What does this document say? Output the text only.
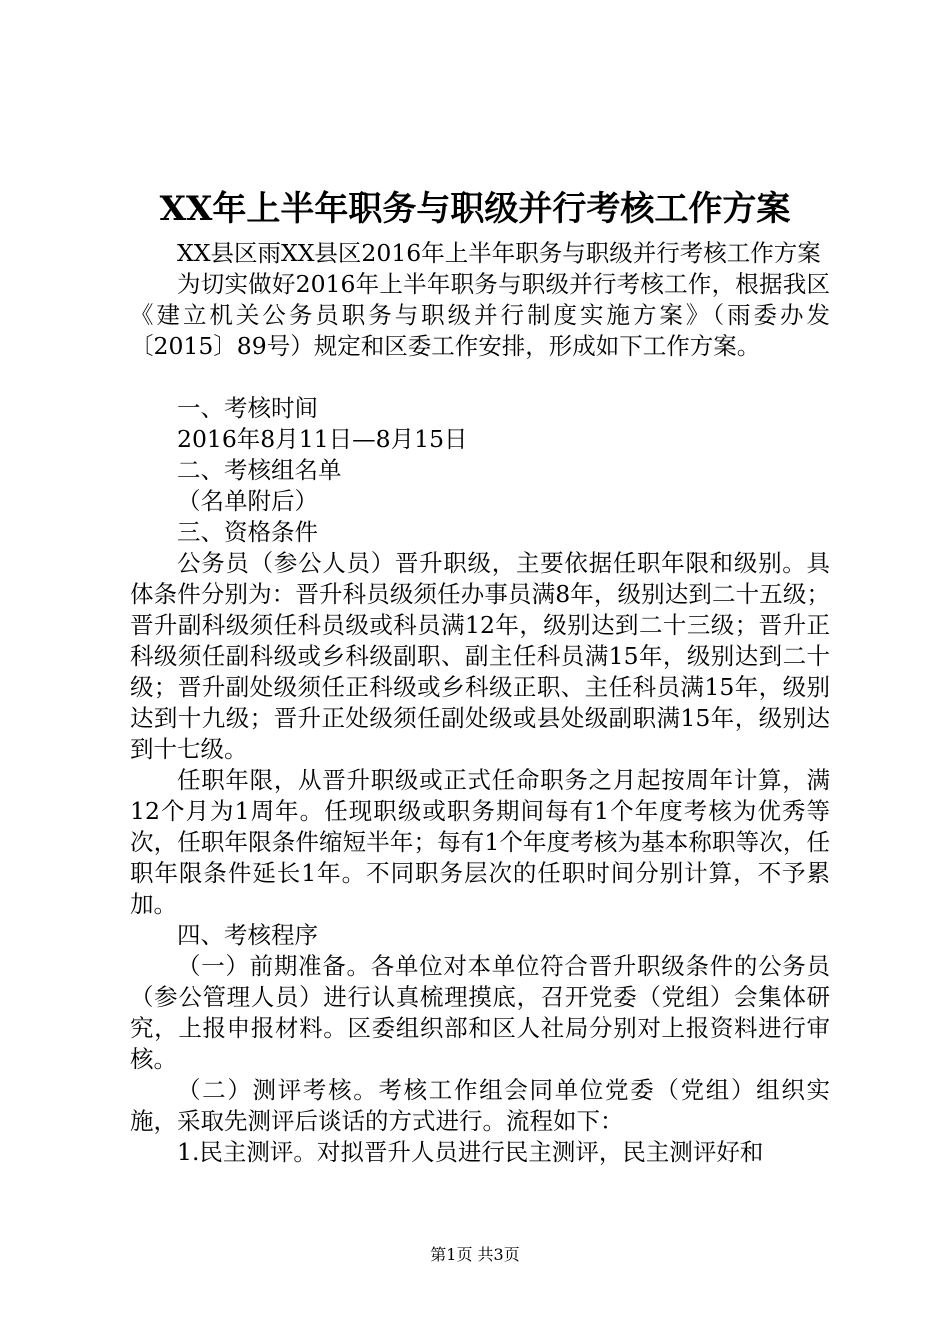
XX年上半年职务与职级并行考核工作方案

XX县区雨XX县区2016年上半年职务与职级并行考核工作方案

为切实做好2016年上半年职务与职级并行考核工作，根据我区《建立机关公务员职务与职级并行制度实施方案》（雨委办发〔2015〕89号）规定和区委工作安排，形成如下工作方案。

一、考核时间

2016年8月11日—8月15日

二、考核组名单

（名单附后）

三、资格条件

公务员（参公人员）晋升职级，主要依据任职年限和级别。具体条件分别为：晋升科员级须任办事员满8年，级别达到二十五级；晋升副科级须任科员级或科员满12年，级别达到二十三级；晋升正科级须任副科级或乡科级副职、副主任科员满15年，级别达到二十级；晋升副处级须任正科级或乡科级正职、主任科员满15年，级别达到十九级；晋升正处级须任副处级或县处级副职满15年，级别达到十七级。

任职年限，从晋升职级或正式任命职务之月起按周年计算，满12个月为1周年。任现职级或职务期间每有1个年度考核为优秀等次，任职年限条件缩短半年；每有1个年度考核为基本称职等次，任职年限条件延长1年。不同职务层次的任职时间分别计算，不予累加。

四、考核程序

（一）前期准备。各单位对本单位符合晋升职级条件的公务员（参公管理人员）进行认真梳理摸底，召开党委（党组）会集体研究，上报申报材料。区委组织部和区人社局分别对上报资料进行审核。

（二）测评考核。考核工作组会同单位党委（党组）组织实施，采取先测评后谈话的方式进行。流程如下：

1.民主测评。对拟晋升人员进行民主测评，民主测评好和

第1页 共3页
